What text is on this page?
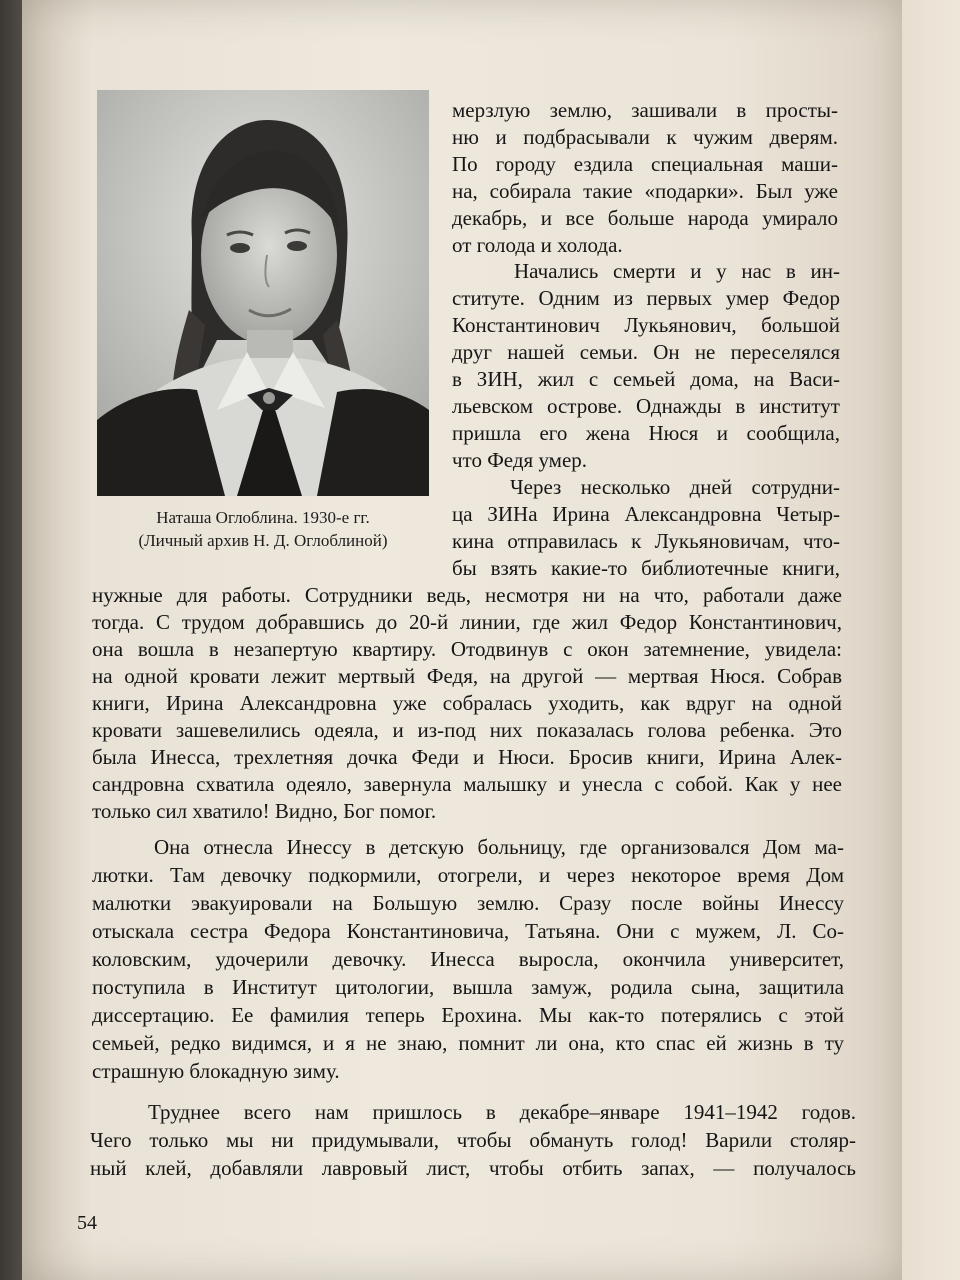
Наташа Оглоблина. 1930-е гг.
(Личный архив Н. Д. Оглоблиной)
мерзлую землю, зашивали в просты-
ню и подбрасывали к чужим дверям.
По городу ездила специальная маши-
на, собирала такие «подарки». Был уже
декабрь, и все больше народа умирало
от голода и холода.
Начались смерти и у нас в ин-
ституте. Одним из первых умер Федор
Константинович Лукьянович, большой
друг нашей семьи. Он не переселялся
в ЗИН, жил с семьей дома, на Васи-
льевском острове. Однажды в институт
пришла его жена Нюся и сообщила,
что Федя умер.
Через несколько дней сотрудни-
ца ЗИНа Ирина Александровна Четыр-
кина отправилась к Лукьяновичам, что-
бы взять какие-то библиотечные книги,
нужные для работы. Сотрудники ведь, несмотря ни на что, работали даже
тогда. С трудом добравшись до 20-й линии, где жил Федор Константинович,
она вошла в незапертую квартиру. Отодвинув с окон затемнение, увидела:
на одной кровати лежит мертвый Федя, на другой — мертвая Нюся. Собрав
книги, Ирина Александровна уже собралась уходить, как вдруг на одной
кровати зашевелились одеяла, и из-под них показалась голова ребенка. Это
была Инесса, трехлетняя дочка Феди и Нюси. Бросив книги, Ирина Алек-
сандровна схватила одеяло, завернула малышку и унесла с собой. Как у нее
только сил хватило! Видно, Бог помог.
Она отнесла Инессу в детскую больницу, где организовался Дом ма-
лютки. Там девочку подкормили, отогрели, и через некоторое время Дом
малютки эвакуировали на Большую землю. Сразу после войны Инессу
отыскала сестра Федора Константиновича, Татьяна. Они с мужем, Л. Со-
коловским, удочерили девочку. Инесса выросла, окончила университет,
поступила в Институт цитологии, вышла замуж, родила сына, защитила
диссертацию. Ее фамилия теперь Ерохина. Мы как-то потерялись с этой
семьей, редко видимся, и я не знаю, помнит ли она, кто спас ей жизнь в ту
страшную блокадную зиму.
Труднее всего нам пришлось в декабре–январе 1941–1942 годов.
Чего только мы ни придумывали, чтобы обмануть голод! Варили столяр-
ный клей, добавляли лавровый лист, чтобы отбить запах, — получалось
54
